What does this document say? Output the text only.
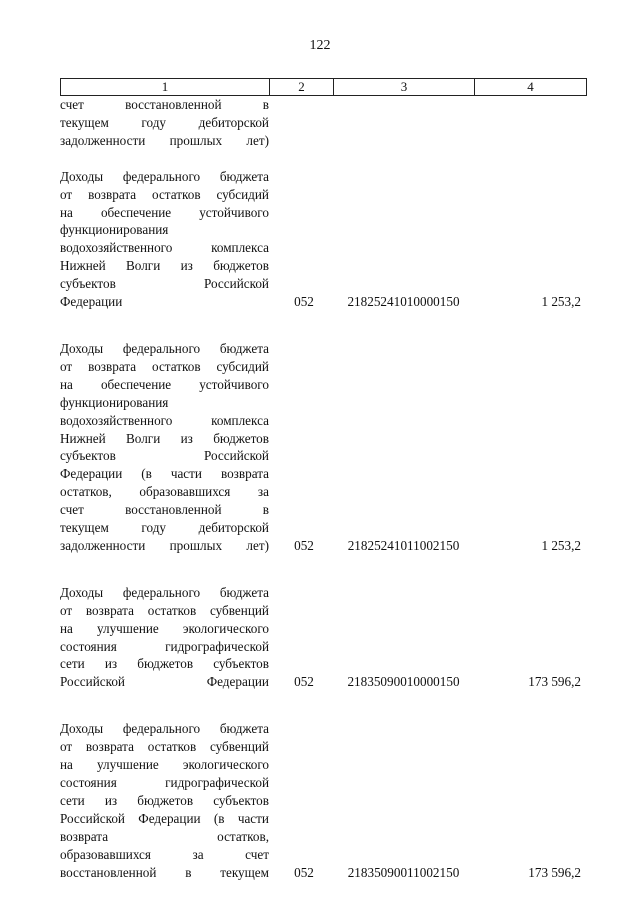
122
1	2	3	4
счет восстановленной в
текущем году дебиторской
задолженности прошлых лет)
Доходы федерального бюджета
от возврата остатков субсидий
на обеспечение устойчивого
функционирования
водохозяйственного комплекса
Нижней Волги из бюджетов
субъектов Российской
Федерации	052	21825241010000150	1 253,2
Доходы федерального бюджета
от возврата остатков субсидий
на обеспечение устойчивого
функционирования
водохозяйственного комплекса
Нижней Волги из бюджетов
субъектов Российской
Федерации (в части возврата
остатков, образовавшихся за
счет восстановленной в
текущем году дебиторской
задолженности прошлых лет)	052	21825241011002150	1 253,2
Доходы федерального бюджета
от возврата остатков субвенций
на улучшение экологического
состояния гидрографической
сети из бюджетов субъектов
Российской Федерации	052	21835090010000150	173 596,2
Доходы федерального бюджета
от возврата остатков субвенций
на улучшение экологического
состояния гидрографической
сети из бюджетов субъектов
Российской Федерации (в части
возврата остатков,
образовавшихся за счет
восстановленной в текущем	052	21835090011002150	173 596,2
